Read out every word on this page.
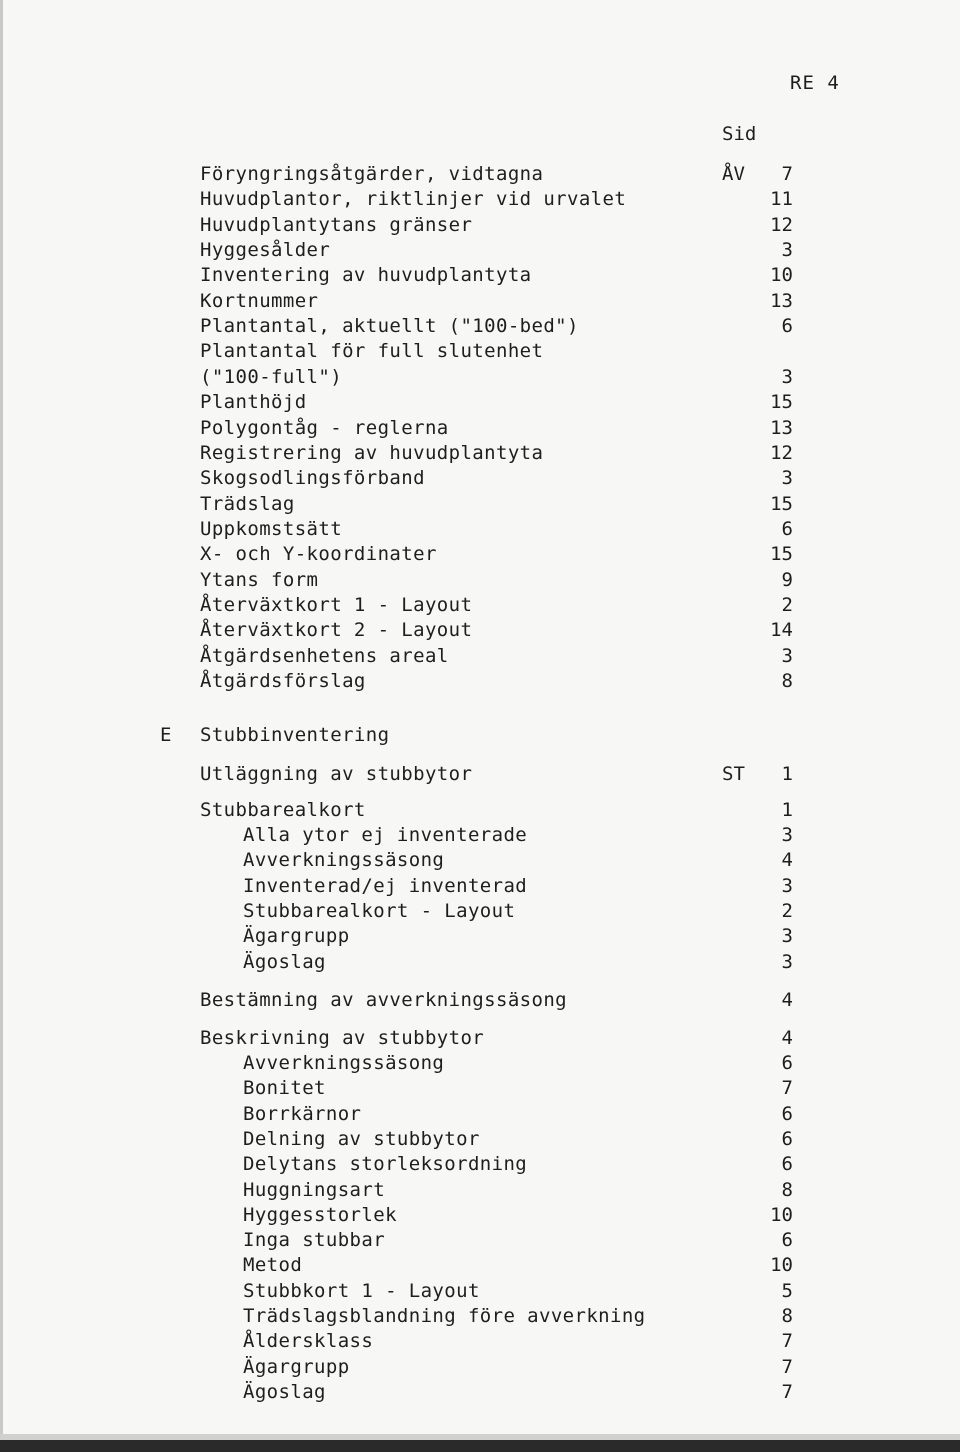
RE 4
Sid
Föryngringsåtgärder, vidtagna	ÅV 7
Huvudplantor, riktlinjer vid urvalet	11
Huvudplantytans gränser	12
Hyggesålder	3
Inventering av huvudplantyta	10
Kortnummer	13
Plantantal, aktuellt ("100-bed")	6
Plantantal för full slutenhet
("100-full")	3
Planthöjd	15
Polygontåg - reglerna	13
Registrering av huvudplantyta	12
Skogsodlingsförband	3
Trädslag	15
Uppkomstsätt	6
X- och Y-koordinater	15
Ytans form	9
Återväxtkort 1 - Layout	2
Återväxtkort 2 - Layout	14
Åtgärdsenhetens areal	3
Åtgärdsförslag	8
E Stubbinventering
Utläggning av stubbytor	ST 1
Stubbarealkort	1
Alla ytor ej inventerade	3
Avverkningssäsong	4
Inventerad/ej inventerad	3
Stubbarealkort - Layout	2
Ägargrupp	3
Ägoslag	3
Bestämning av avverkningssäsong	4
Beskrivning av stubbytor	4
Avverkningssäsong	6
Bonitet	7
Borrkärnor	6
Delning av stubbytor	6
Delytans storleksordning	6
Huggningsart	8
Hyggesstorlek	10
Inga stubbar	6
Metod	10
Stubbkort 1 - Layout	5
Trädslagsblandning före avverkning	8
Åldersklass	7
Ägargrupp	7
Ägoslag	7
